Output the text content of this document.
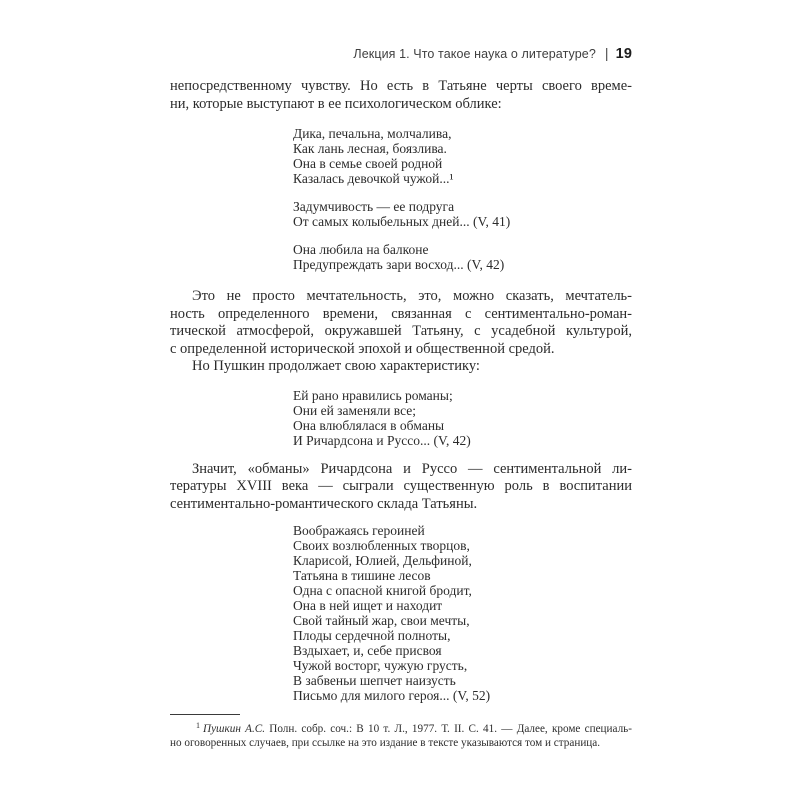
Лекция 1. Что такое наука о литературе? | 19
непосредственному чувству. Но есть в Татьяне черты своего време-
ни, которые выступают в ее психологическом облике:
Дика, печальна, молчалива,
Как лань лесная, боязлива.
Она в семье своей родной
Казалась девочкой чужой...¹
Задумчивость — ее подруга
От самых колыбельных дней... (V, 41)
Она любила на балконе
Предупреждать зари восход... (V, 42)
Это не просто мечтательность, это, можно сказать, мечтатель-
ность определенного времени, связанная с сентиментально-роман-
тической атмосферой, окружавшей Татьяну, с усадебной культурой,
с определенной исторической эпохой и общественной средой.
Но Пушкин продолжает свою характеристику:
Ей рано нравились романы;
Они ей заменяли все;
Она влюблялася в обманы
И Ричардсона и Руссо... (V, 42)
Значит, «обманы» Ричардсона и Руссо — сентиментальной ли-
тературы XVIII века — сыграли существенную роль в воспитании
сентиментально-романтического склада Татьяны.
Воображаясь героиней
Своих возлюбленных творцов,
Кларисой, Юлией, Дельфиной,
Татьяна в тишине лесов
Одна с опасной книгой бродит,
Она в ней ищет и находит
Свой тайный жар, свои мечты,
Плоды сердечной полноты,
Вздыхает, и, себе присвоя
Чужой восторг, чужую грусть,
В забвеньи шепчет наизусть
Письмо для милого героя... (V, 52)
$^1$ Пушкин А.С. Полн. собр. соч.: В 10 т. Л., 1977. Т. II. С. 41. — Далее, кроме специаль-
но оговоренных случаев, при ссылке на это издание в тексте указываются том и страница.
